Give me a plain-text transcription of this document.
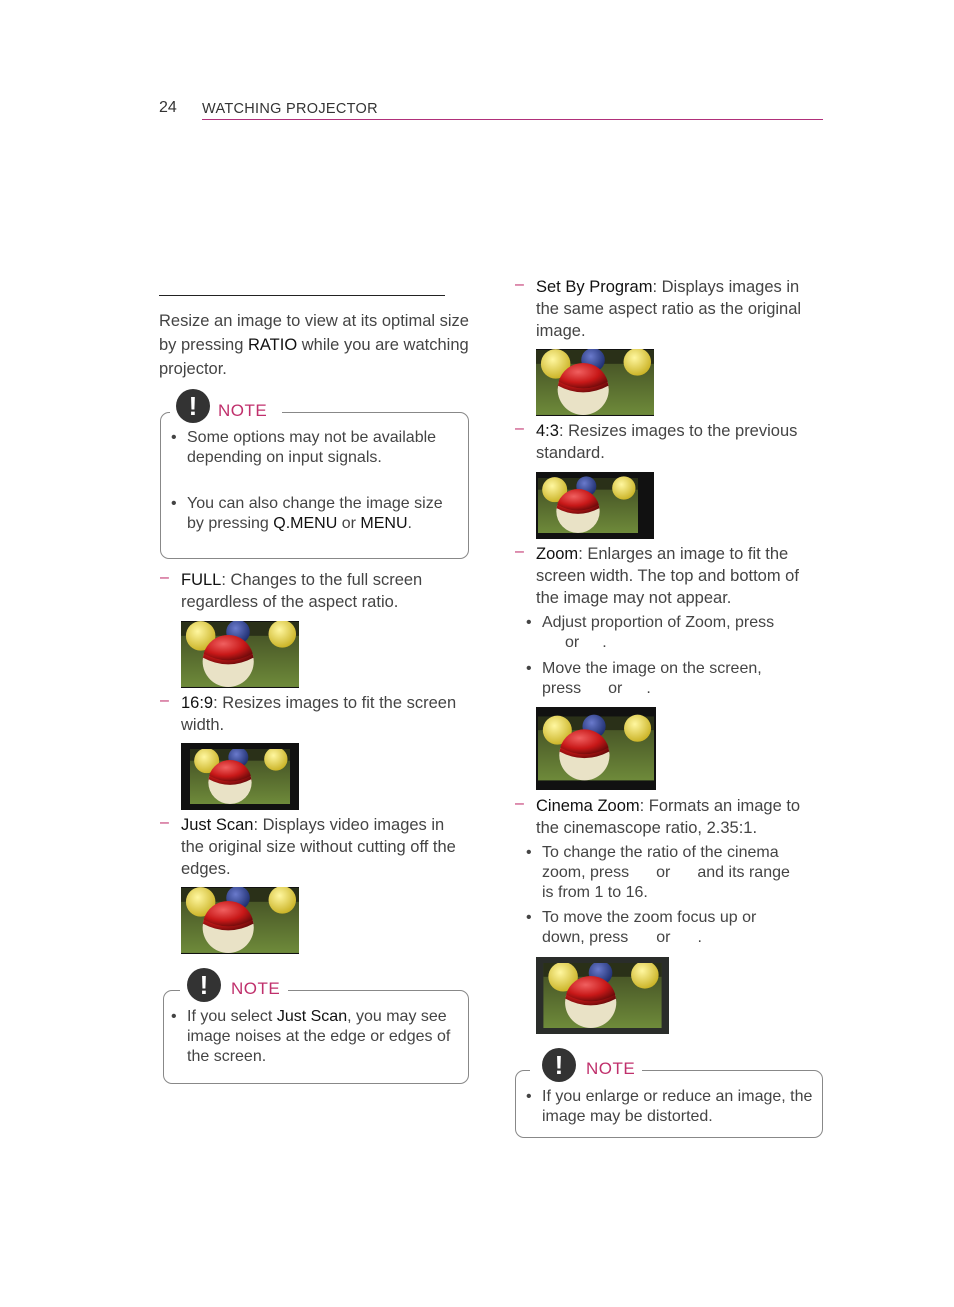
24 WATCHING PROJECTOR
Resize an image to view at its optimal size by pressing RATIO while you are watching projector.
!	NOTE
• Some options may not be available depending on input signals.
• You can also change the image size by pressing Q.MENU or MENU.
– FULL: Changes to the full screen regardless of the aspect ratio.
– 16:9: Resizes images to fit the screen width.
– Just Scan: Displays video images in the original size without cutting off the edges.
!	NOTE
• If you select Just Scan, you may see image noises at the edge or edges of the screen.
– Set By Program: Displays images in the same aspect ratio as the original image.
– 4:3: Resizes images to the previous standard.
– Zoom: Enlarges an image to fit the screen width. The top and bottom of the image may not appear.
• Adjust proportion of Zoom, press
or .
• Move the image on the screen,
press or .
– Cinema Zoom: Formats an image to the cinemascope ratio, 2.35:1.
• To change the ratio of the cinema
zoom, press or and its range
is from 1 to 16.
• To move the zoom focus up or
down, press or .
!	NOTE
• If you enlarge or reduce an image, the image may be distorted.
